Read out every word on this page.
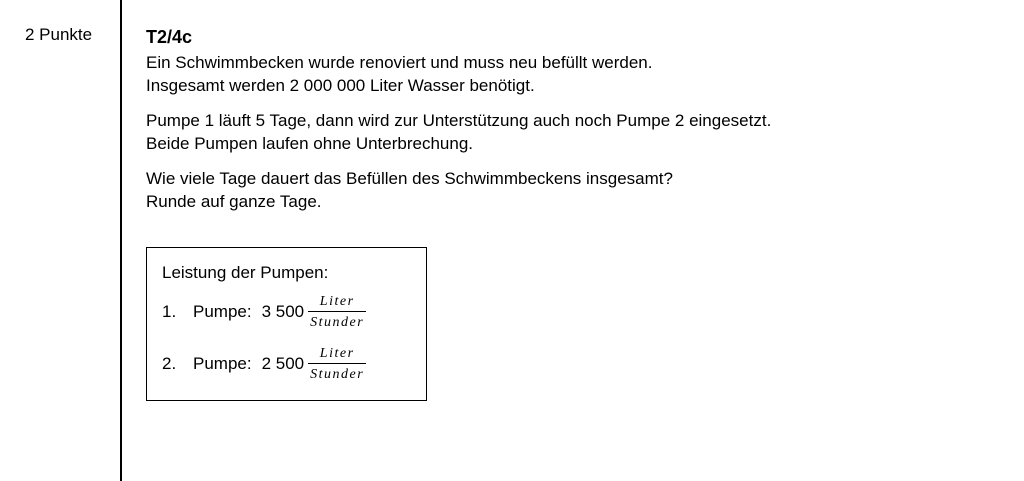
2 Punkte	T2/4c
Ein Schwimmbecken wurde renoviert und muss neu befüllt werden.
Insgesamt werden 2 000 000 Liter Wasser benötigt.
Pumpe 1 läuft 5 Tage, dann wird zur Unterstützung auch noch Pumpe 2 eingesetzt.
Beide Pumpen laufen ohne Unterbrechung.
Wie viele Tage dauert das Befüllen des Schwimmbeckens insgesamt?
Runde auf ganze Tage.
Leistung der Pumpen:
1. Pumpe: 3 $500 \frac{\text{Liter}}{\text{Stunder}}$
2. Pumpe: 2 $500 \frac{\text{Liter}}{\text{Stunder}}$
